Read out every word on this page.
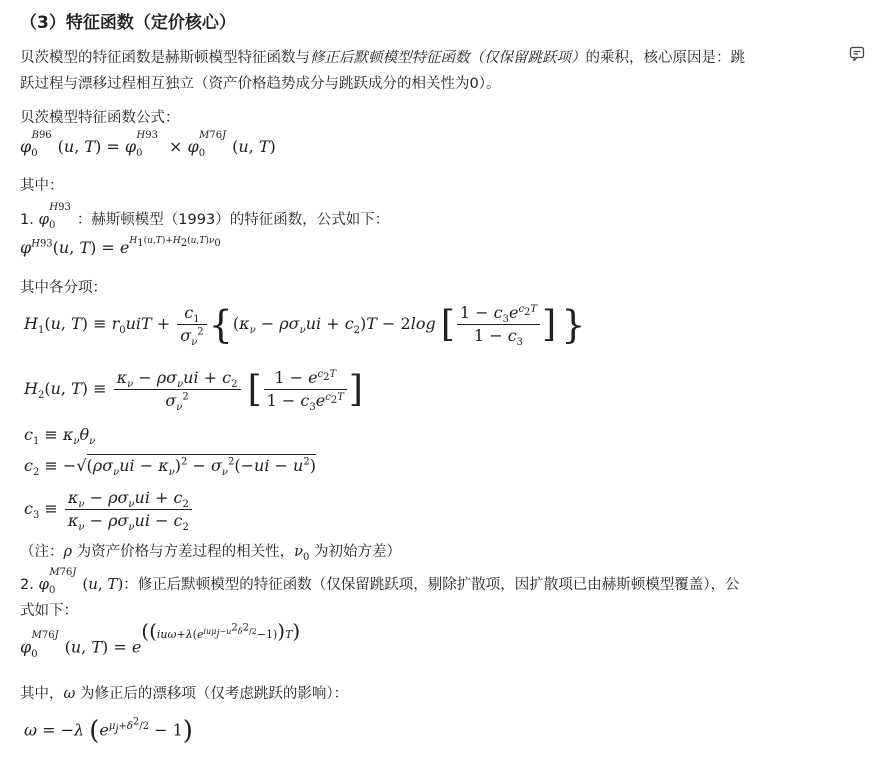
（3）特征函数（定价核心）
贝茨模型的特征函数是赫斯顿模型特征函数与修正后默顿模型特征函数（仅保留跳跃项）的乘积，核心原因是：跳
跃过程与漂移过程相互独立（资产价格趋势成分与跳跃成分的相关性为0）。
贝茨模型特征函数公式：
$\varphi_0^{B96}(u$, $T) = \varphi_0^{H93} \times \varphi_0^{M76J}(u$, T)
其中：
1. $\varphi_0^{H93}$：赫斯顿模型（1993）的特征函数，公式如下：
$\varphi^{H93}(u$, $T) = e^{H_1(u,T)+H_2(u,T)\nu_0}$
其中各分项：
$H_1(u$, $T) \equiv r_0uiT + \frac{c_1}{\sigma_\nu^2} \{(\kappa_\nu - \rho\sigma_\nu ui + c_2)T - 2\log$ [ $\frac{1 - c_3e^{c_2T}}{1 - c_3}$ ] }
$H_2(u$, $T) \equiv \frac{\kappa_\nu - \rho\sigma_\nu ui + c_2}{\sigma_\nu^2}$ [ $\frac{1 - e^{c_2T}}{1 - c_3e^{c_2T}}$ ]
$c_1 \equiv \kappa_\nu\theta_\nu$
$c_2 \equiv -√(\rho\sigma_\nu ui - \kappa_\nu)^2 - \sigma_\nu^2(-ui - u^2)$
$c_3 \equiv \frac{\kappa_\nu - \rho\sigma_\nu ui + c_2}{\kappa_\nu - \rho\sigma_\nu ui - c_2}$
（注：ρ 为资产价格与方差过程的相关性，$\nu_0$ 为初始方差）
2. $\varphi_0^{M76J}(u$, T)：修正后默顿模型的特征函数（仅保留跳跃项，剔除扩散项，因扩散项已由赫斯顿模型覆盖），公
式如下：
$\varphi_0^{M76J}(u$, $T) = e^{((iu\omega+\lambda(e^{iu\mu_j-u^2\delta^2/2}-1))T)}$
其中，ω 为修正后的漂移项（仅考虑跳跃的影响）：
ω = −λ $(e^{\mu_j+\delta^2/2} - 1)$
